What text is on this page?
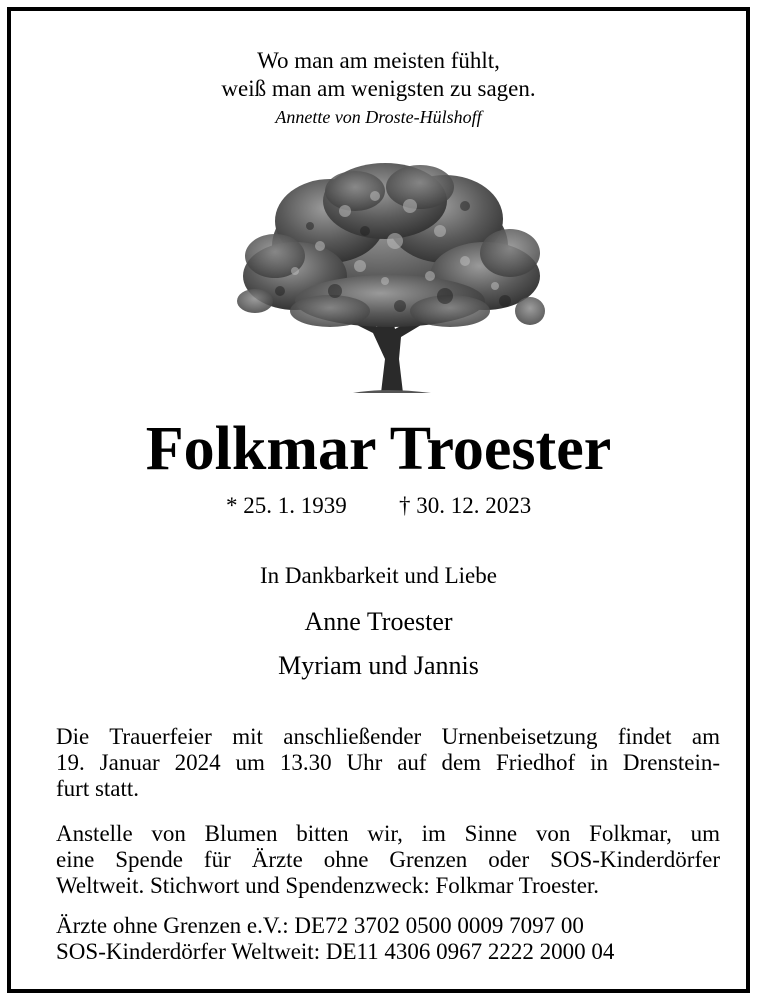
Wo man am meisten fühlt,
weiß man am wenigsten zu sagen.
Annette von Droste-Hülshoff
Folkmar Troester
* 25. 1. 1939 † 30. 12. 2023
In Dankbarkeit und Liebe
Anne Troester
Myriam und Jannis
Die Trauerfeier mit anschließender Urnenbeisetzung findet am
19. Januar 2024 um 13.30 Uhr auf dem Friedhof in Drenstein-
furt statt.
Anstelle von Blumen bitten wir, im Sinne von Folkmar, um
eine Spende für Ärzte ohne Grenzen oder SOS-Kinderdörfer
Weltweit. Stichwort und Spendenzweck: Folkmar Troester.
Ärzte ohne Grenzen e.V.: DE72 3702 0500 0009 7097 00
SOS-Kinderdörfer Weltweit: DE11 4306 0967 2222 2000 04
